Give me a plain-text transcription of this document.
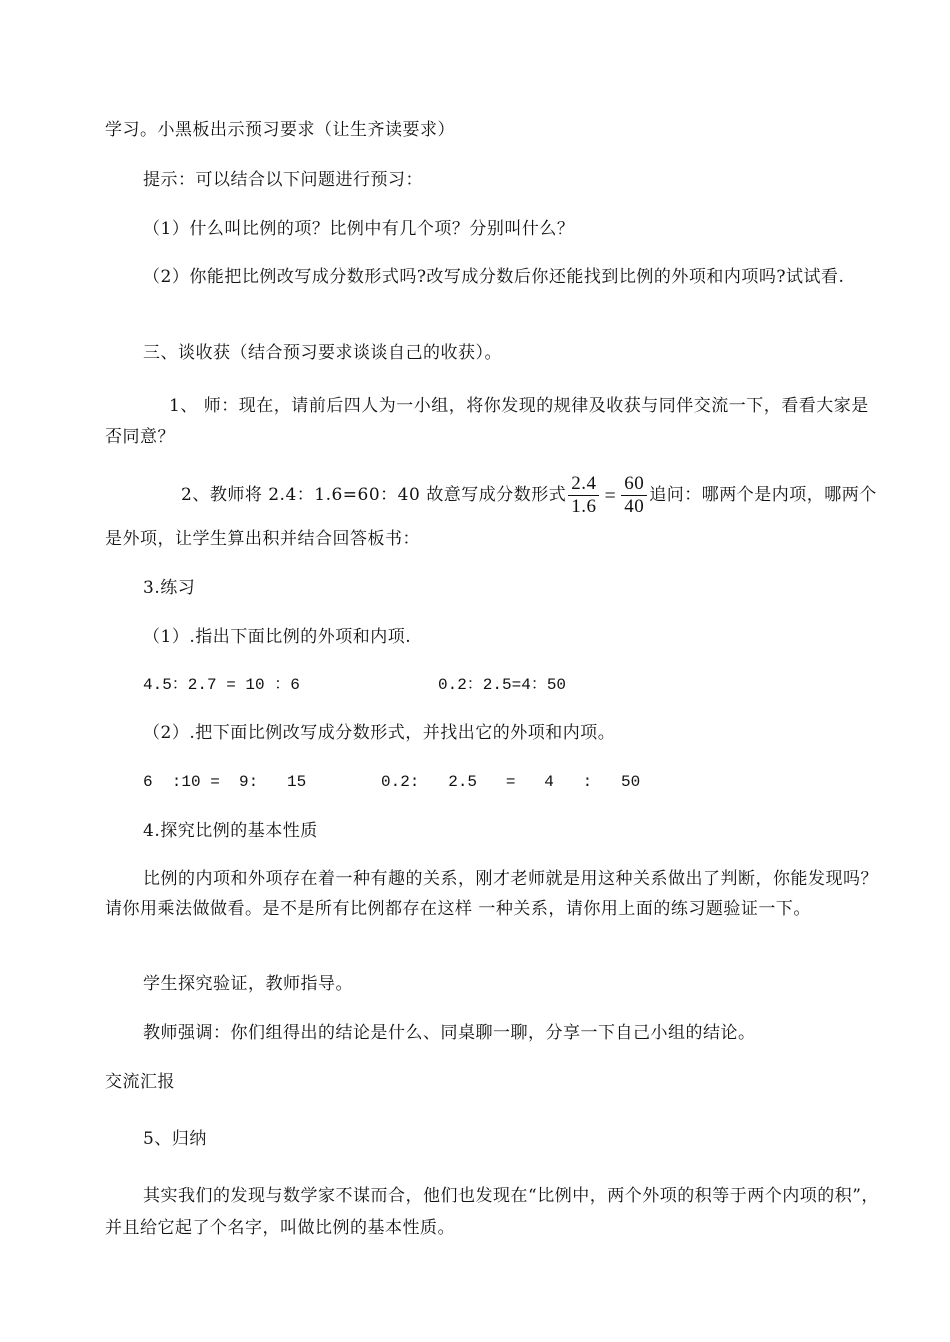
学习。小黑板出示预习要求（让生齐读要求）
提示：可以结合以下问题进行预习：
（1）什么叫比例的项？比例中有几个项？分别叫什么？
（2）你能把比例改写成分数形式吗?改写成分数后你还能找到比例的外项和内项吗?试试看.
三、谈收获（结合预习要求谈谈自己的收获）。
1、 师：现在，请前后四人为一小组，将你发现的规律及收获与同伴交流一下，看看大家是否同意？
2、教师将 2.4：1.6=60：40 故意写成分数形式 $\frac{2.4}{1.6} = \frac{60}{40}$ 追问：哪两个是内项，哪两个
是外项，让学生算出积并结合回答板书：
3.练习
（1）.指出下面比例的外项和内项.
4.5：2.7 = 10 ：6	0.2：2.5=4：50
（2）.把下面比例改写成分数形式，并找出它的外项和内项。
6  :10 =  9:   15	0.2:   2.5   =   4   :   50
4.探究比例的基本性质
比例的内项和外项存在着一种有趣的关系，刚才老师就是用这种关系做出了判断，你能发现吗？请你用乘法做做看。是不是所有比例都存在这样 一种关系，请你用上面的练习题验证一下。
学生探究验证，教师指导。
教师强调：你们组得出的结论是什么、同桌聊一聊，分享一下自己小组的结论。
交流汇报
5、归纳
其实我们的发现与数学家不谋而合，他们也发现在“比例中，两个外项的积等于两个内项的积”，并且给它起了个名字，叫做比例的基本性质。
